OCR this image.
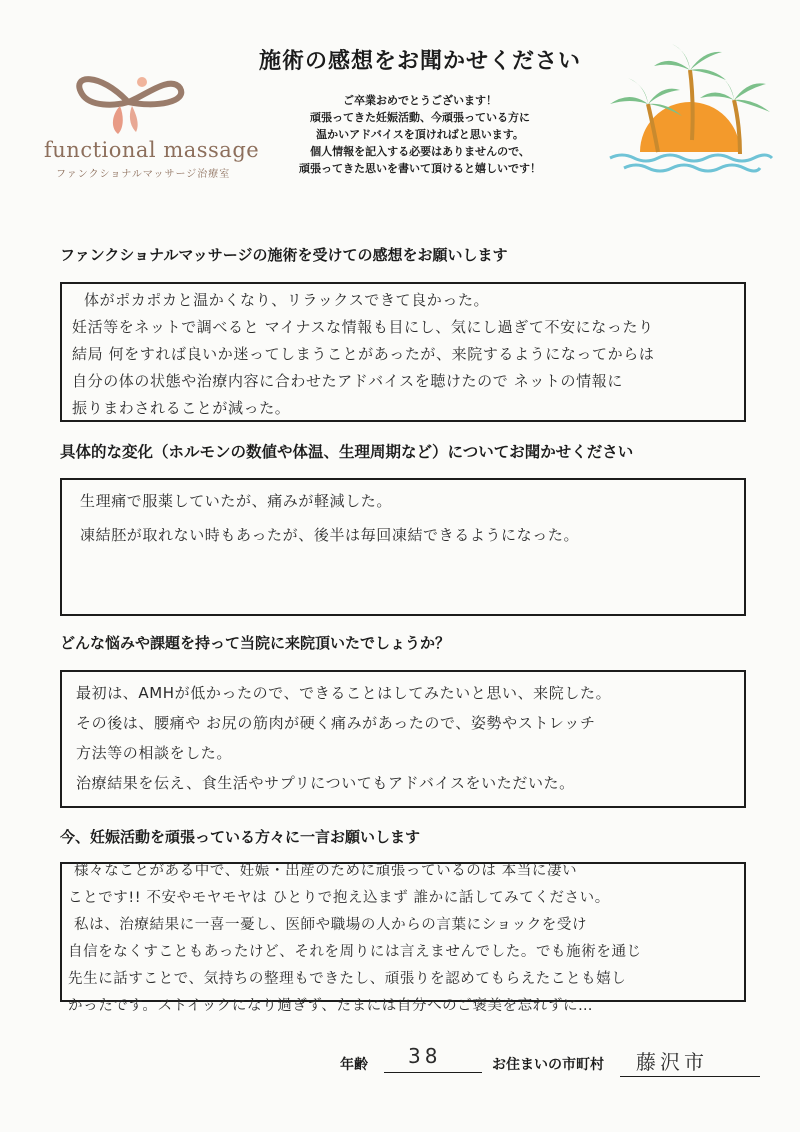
施術の感想をお聞かせください
ご卒業おめでとうございます！
頑張ってきた妊娠活動、今頑張っている方に
温かいアドバイスを頂ければと思います。
個人情報を記入する必要はありませんので、
頑張ってきた思いを書いて頂けると嬉しいです！
functional massage
ファンクショナルマッサージ治療室
ファンクショナルマッサージの施術を受けての感想をお願いします
体がポカポカと温かくなり、リラックスできて良かった。
妊活等をネットで調べると マイナスな情報も目にし、気にし過ぎて不安になったり
結局 何をすれば良いか迷ってしまうことがあったが、来院するようになってからは
自分の体の状態や治療内容に合わせたアドバイスを聴けたので ネットの情報に
振りまわされることが減った。
具体的な変化（ホルモンの数値や体温、生理周期など）についてお聞かせください
生理痛で服薬していたが、痛みが軽減した。
凍結胚が取れない時もあったが、後半は毎回凍結できるようになった。
どんな悩みや課題を持って当院に来院頂いたでしょうか？
最初は、AMHが低かったので、できることはしてみたいと思い、来院した。
その後は、腰痛や お尻の筋肉が硬く痛みがあったので、姿勢やストレッチ
方法等の相談をした。
治療結果を伝え、食生活やサプリについてもアドバイスをいただいた。
今、妊娠活動を頑張っている方々に一言お願いします
様々なことがある中で、妊娠・出産のために頑張っているのは 本当に凄い
ことです!! 不安やモヤモヤは ひとりで抱え込まず 誰かに話してみてください。
私は、治療結果に一喜一憂し、医師や職場の人からの言葉にショックを受け
自信をなくすこともあったけど、それを周りには言えませんでした。でも施術を通じ
先生に話すことで、気持ちの整理もできたし、頑張りを認めてもらえたことも嬉し
かったです。ストイックになり過ぎず、たまには自分へのご褒美を忘れずに…
年齢 38	お住まいの市町村 藤沢市
